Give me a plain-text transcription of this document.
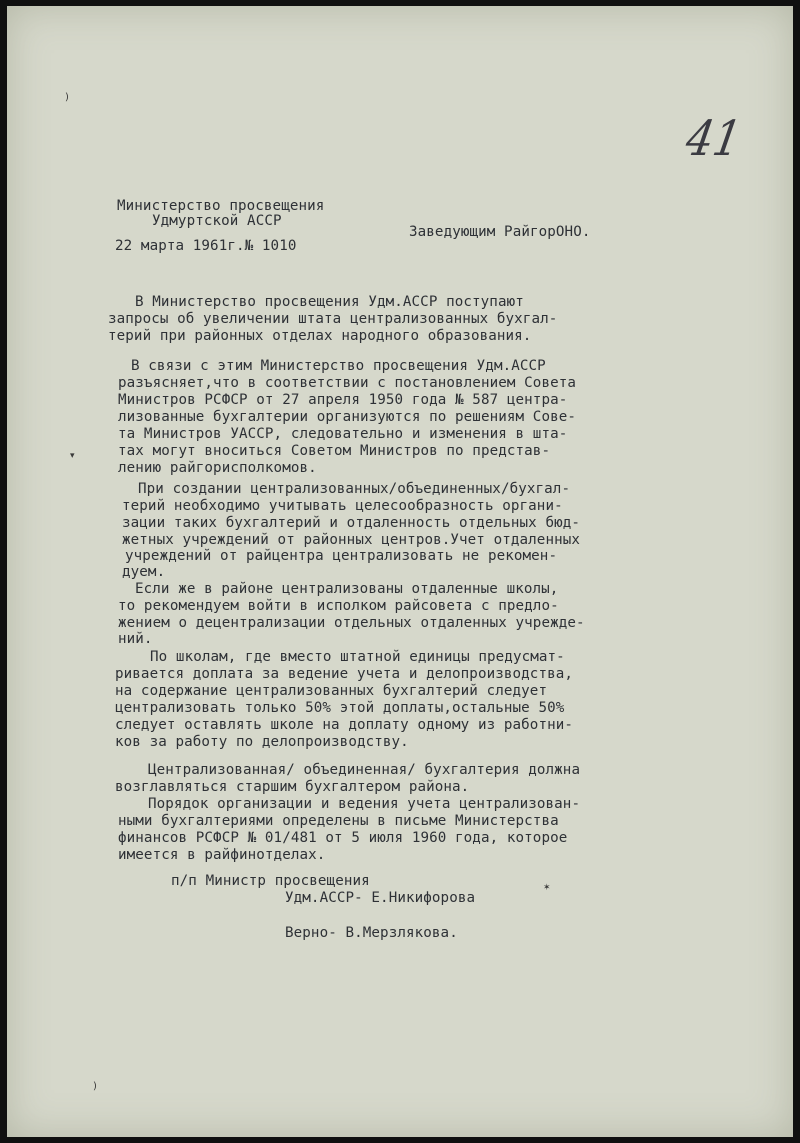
41
Министерство просвещения
Удмуртской АССР
22 марта 1961г.№ 1010
Заведующим РайгорОНО.
В Министерство просвещения Удм.АССР поступают
запросы об увеличении штата централизованных бухгал-
терий при районных отделах народного образования.
В связи с этим Министерство просвещения Удм.АССР
разъясняет,что в соответствии с постановлением Совета
Министров РСФСР от 27 апреля 1950 года № 587 центра-
лизованные бухгалтерии организуются по решениям Сове-
та Министров УАССР, следовательно и изменения в шта-
тах могут вноситься Советом Министров по представ-
лению райгорисполкомов.
При создании централизованных/объединенных/бухгал-
терий необходимо учитывать целесообразность органи-
зации таких бухгалтерий и отдаленность отдельных бюд-
жетных учреждений от районных центров.Учет отдаленных
учреждений от райцентра централизовать не рекомен-
дуем.
Если же в районе централизованы отдаленные школы,
то рекомендуем войти в исполком райсовета с предло-
жением о децентрализации отдельных отдаленных учрежде-
ний.
По школам, где вместо штатной единицы предусмат-
ривается доплата за ведение учета и делопроизводства,
на содержание централизованных бухгалтерий следует
централизовать только 50% этой доплаты,остальные 50%
следует оставлять школе на доплату одному из работни-
ков за работу по делопроизводству.
Централизованная/ объединенная/ бухгалтерия должна
возглавляться старшим бухгалтером района.
Порядок организации и ведения учета централизован-
ными бухгалтериями определены в письме Министерства
финансов РСФСР № 01/481 от 5 июля 1960 года, которое
имеется в райфинотделах.
п/п Министр просвещения
Удм.АССР- Е.Никифорова
Верно- В.Мерзлякова.
)
▾
✶
)
